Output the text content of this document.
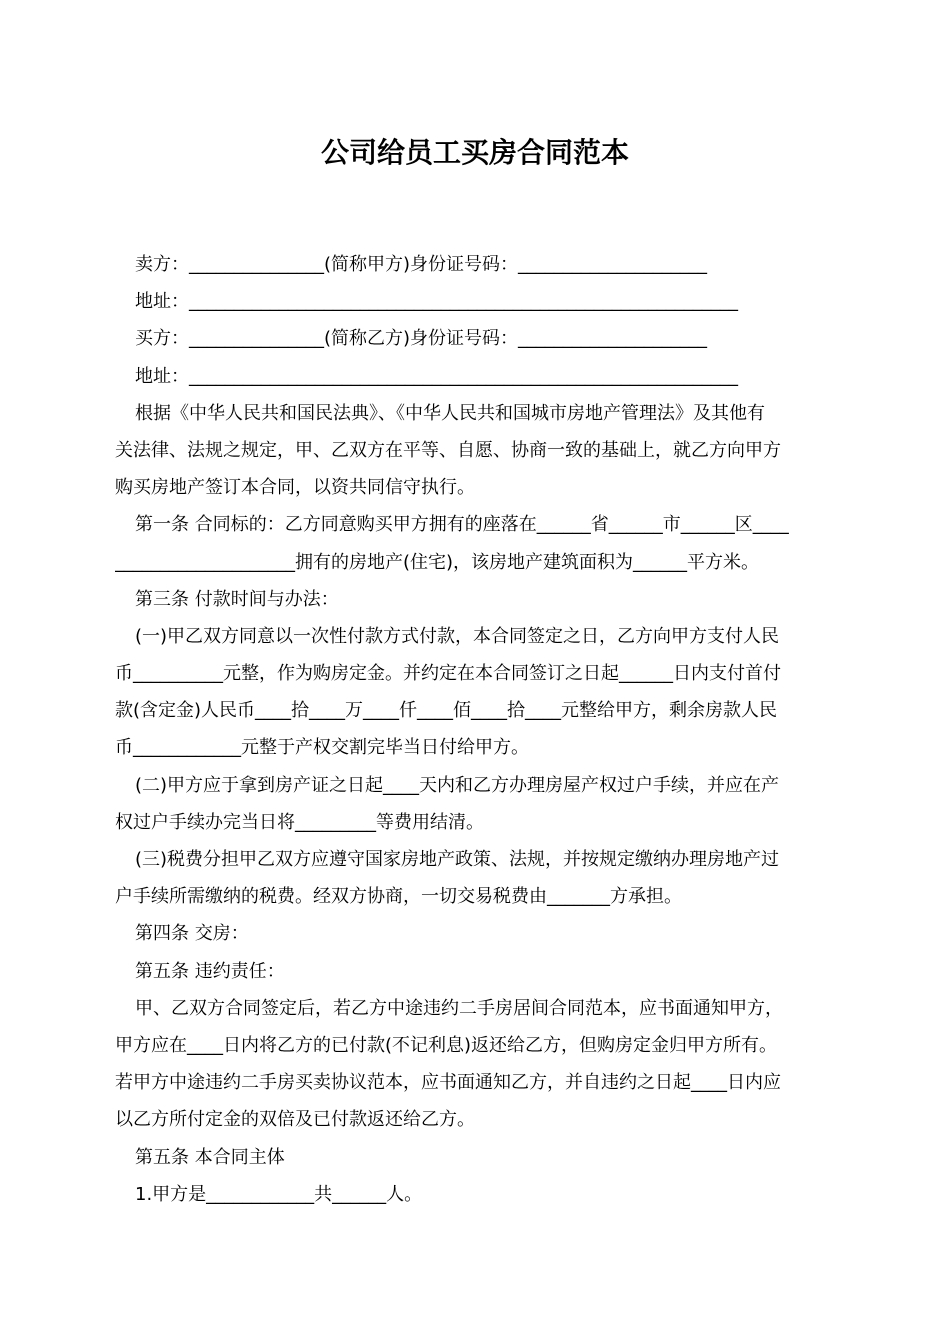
公司给员工买房合同范本
卖方：_______________(简称甲方)身份证号码：_____________________
地址：_____________________________________________________________
买方：_______________(简称乙方)身份证号码：_____________________
地址：_____________________________________________________________
根据《中华人民共和国民法典》、《中华人民共和国城市房地产管理法》及其他有
关法律、法规之规定，甲、乙双方在平等、自愿、协商一致的基础上，就乙方向甲方
购买房地产签订本合同，以资共同信守执行。
第一条 合同标的：乙方同意购买甲方拥有的座落在______省______市______区____
____________________拥有的房地产(住宅)，该房地产建筑面积为______平方米。
第三条 付款时间与办法：
(一)甲乙双方同意以一次性付款方式付款，本合同签定之日，乙方向甲方支付人民
币__________元整，作为购房定金。并约定在本合同签订之日起______日内支付首付
款(含定金)人民币____拾____万____仟____佰____拾____元整给甲方，剩余房款人民
币____________元整于产权交割完毕当日付给甲方。
(二)甲方应于拿到房产证之日起____天内和乙方办理房屋产权过户手续，并应在产
权过户手续办完当日将_________等费用结清。
(三)税费分担甲乙双方应遵守国家房地产政策、法规，并按规定缴纳办理房地产过
户手续所需缴纳的税费。经双方协商，一切交易税费由_______方承担。
第四条 交房：
第五条 违约责任：
甲、乙双方合同签定后，若乙方中途违约二手房居间合同范本，应书面通知甲方，
甲方应在____日内将乙方的已付款(不记利息)返还给乙方，但购房定金归甲方所有。
若甲方中途违约二手房买卖协议范本，应书面通知乙方，并自违约之日起____日内应
以乙方所付定金的双倍及已付款返还给乙方。
第五条 本合同主体
1.甲方是____________共______人。
